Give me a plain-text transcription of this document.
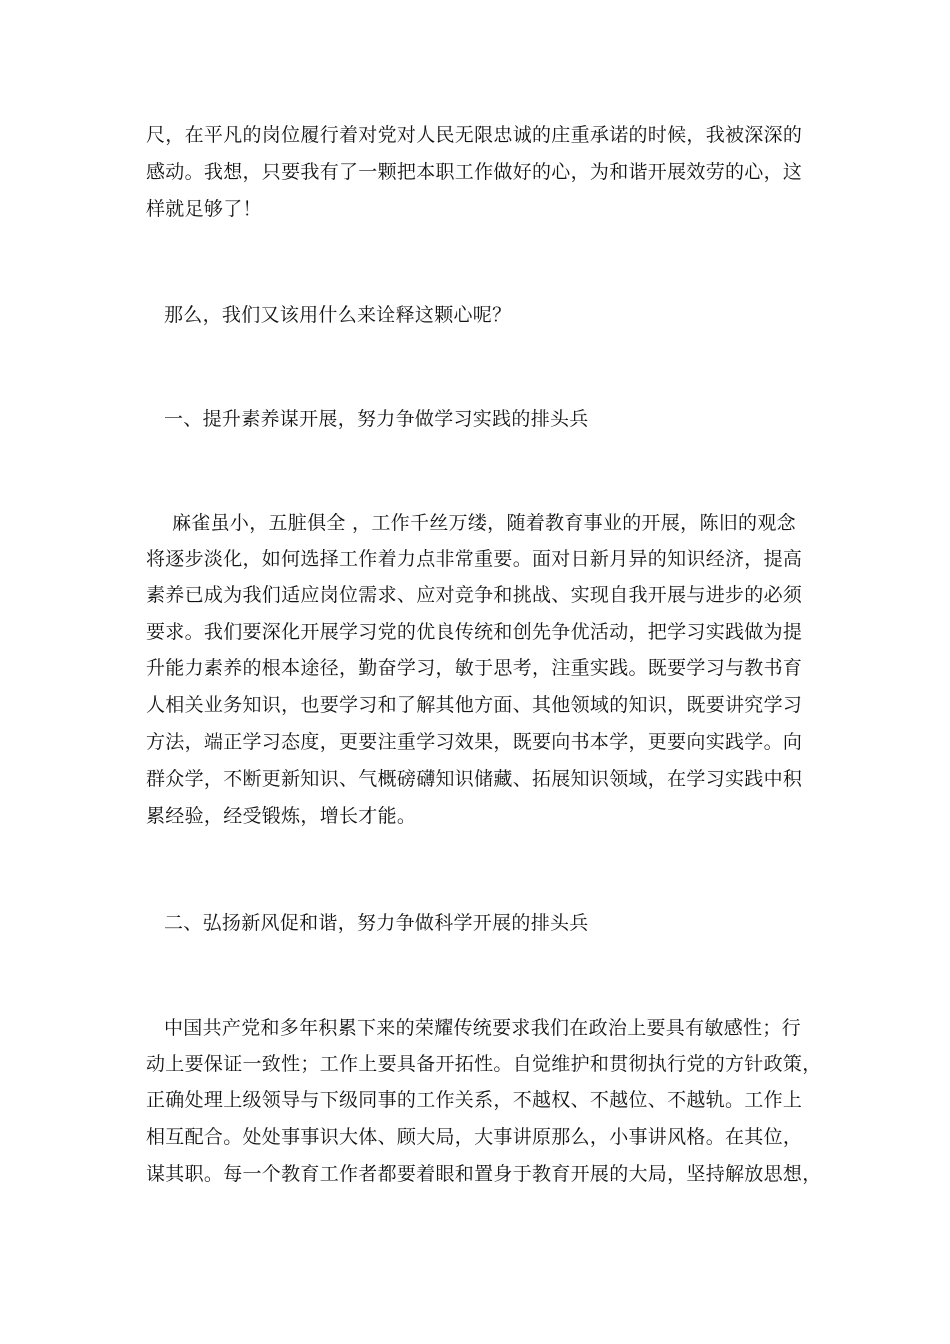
尺，在平凡的岗位履行着对党对人民无限忠诚的庄重承诺的时候，我被深深的
感动。我想，只要我有了一颗把本职工作做好的心，为和谐开展效劳的心，这
样就足够了！
那么，我们又该用什么来诠释这颗心呢？
一、提升素养谋开展，努力争做学习实践的排头兵
麻雀虽小，五脏俱全 ，工作千丝万缕，随着教育事业的开展，陈旧的观念
将逐步淡化，如何选择工作着力点非常重要。面对日新月异的知识经济，提高
素养已成为我们适应岗位需求、应对竞争和挑战、实现自我开展与进步的必须
要求。我们要深化开展学习党的优良传统和创先争优活动，把学习实践做为提
升能力素养的根本途径，勤奋学习，敏于思考，注重实践。既要学习与教书育
人相关业务知识，也要学习和了解其他方面、其他领域的知识，既要讲究学习
方法，端正学习态度，更要注重学习效果，既要向书本学，更要向实践学。向
群众学，不断更新知识、气概磅礴知识储藏、拓展知识领域，在学习实践中积
累经验，经受锻炼，增长才能。
二、弘扬新风促和谐，努力争做科学开展的排头兵
中国共产党和多年积累下来的荣耀传统要求我们在政治上要具有敏感性；行
动上要保证一致性；工作上要具备开拓性。自觉维护和贯彻执行党的方针政策，
正确处理上级领导与下级同事的工作关系，不越权、不越位、不越轨。工作上
相互配合。处处事事识大体、顾大局，大事讲原那么，小事讲风格。在其位，
谋其职。每一个教育工作者都要着眼和置身于教育开展的大局，坚持解放思想，
